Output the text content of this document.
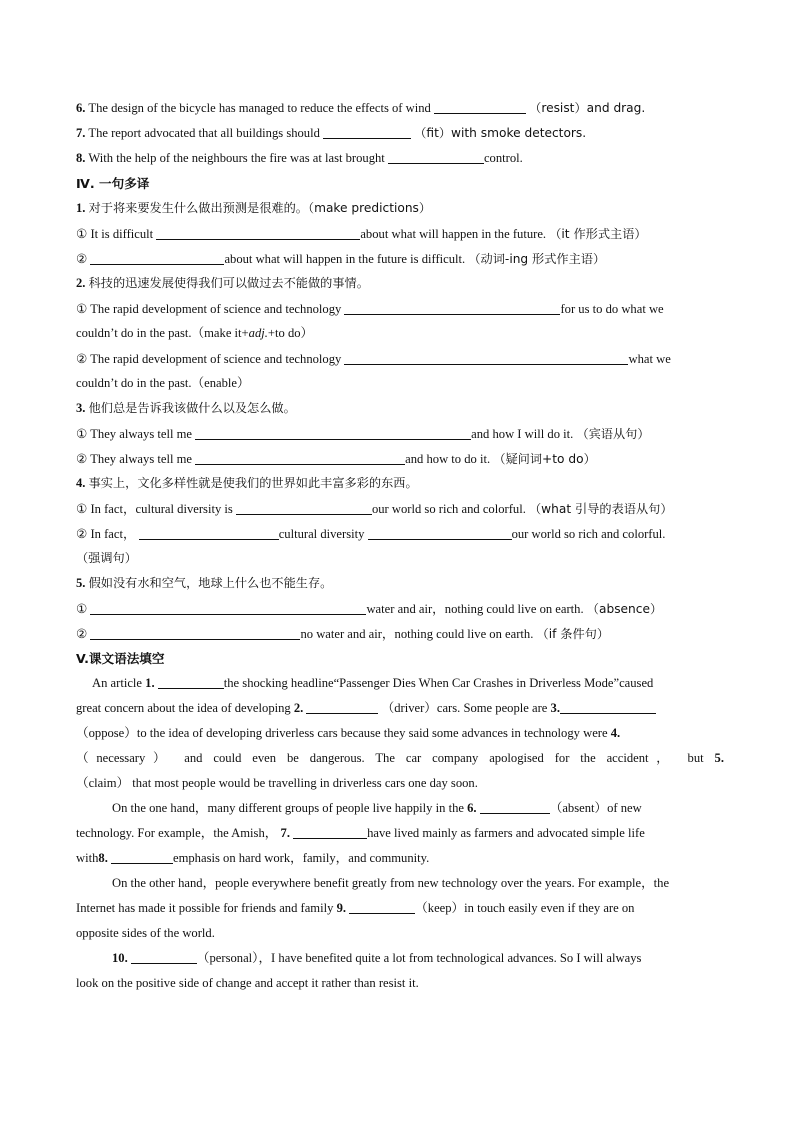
6. The design of the bicycle has managed to reduce the effects of wind	（resist）and drag.
7. The report advocated that all buildings should	（fit）with smoke detectors.
8. With the help of the neighbours the fire was at last brought	control.
Ⅳ. 一句多译
1. 对于将来要发生什么做出预测是很难的。（make predictions）
① It is difficult	about what will happen in the future. （it 作形式主语）
②	about what will happen in the future is difficult. （动词-ing 形式作主语）
2. 科技的迅速发展使得我们可以做过去不能做的事情。
① The rapid development of science and technology	for us to do what we
couldn’t do in the past.（make it+adj.+to do）
② The rapid development of science and technology	what we
couldn’t do in the past.（enable）
3. 他们总是告诉我该做什么以及怎么做。
① They always tell me	and how I will do it. （宾语从句）
② They always tell me	and how to do it. （疑问词+to do）
4. 事实上，文化多样性就是使我们的世界如此丰富多彩的东西。
① In fact，cultural diversity is	our world so rich and colorful. （what 引导的表语从句）
② In fact，	cultural diversity	our world so rich and colorful.
（强调句）
5. 假如没有水和空气，地球上什么也不能生存。
①	water and air，nothing could live on earth. （absence）
②	no water and air，nothing could live on earth. （if 条件句）
V.课文语法填空
An article 1.	the shocking headline“Passenger Dies When Car Crashes in Driverless Mode”caused
great concern about the idea of developing 2.	（driver）cars. Some people are 3.
（oppose）to the idea of developing driverless cars because they said some advances in technology were 4.
（necessary） and could even be dangerous. The car company apologised for the accident， but 5.
（claim） that most people would be travelling in driverless cars one day soon.
On the one hand，many different groups of people live happily in the 6.	（absent）of new
technology. For example，the Amish， 7.	have lived mainly as farmers and advocated simple life
with8.	emphasis on hard work，family，and community.
On the other hand，people everywhere benefit greatly from new technology over the years. For example，the
Internet has made it possible for friends and family 9.	（keep）in touch easily even if they are on
opposite sides of the world.
10.	（personal），I have benefited quite a lot from technological advances. So I will always
look on the positive side of change and accept it rather than resist it.
